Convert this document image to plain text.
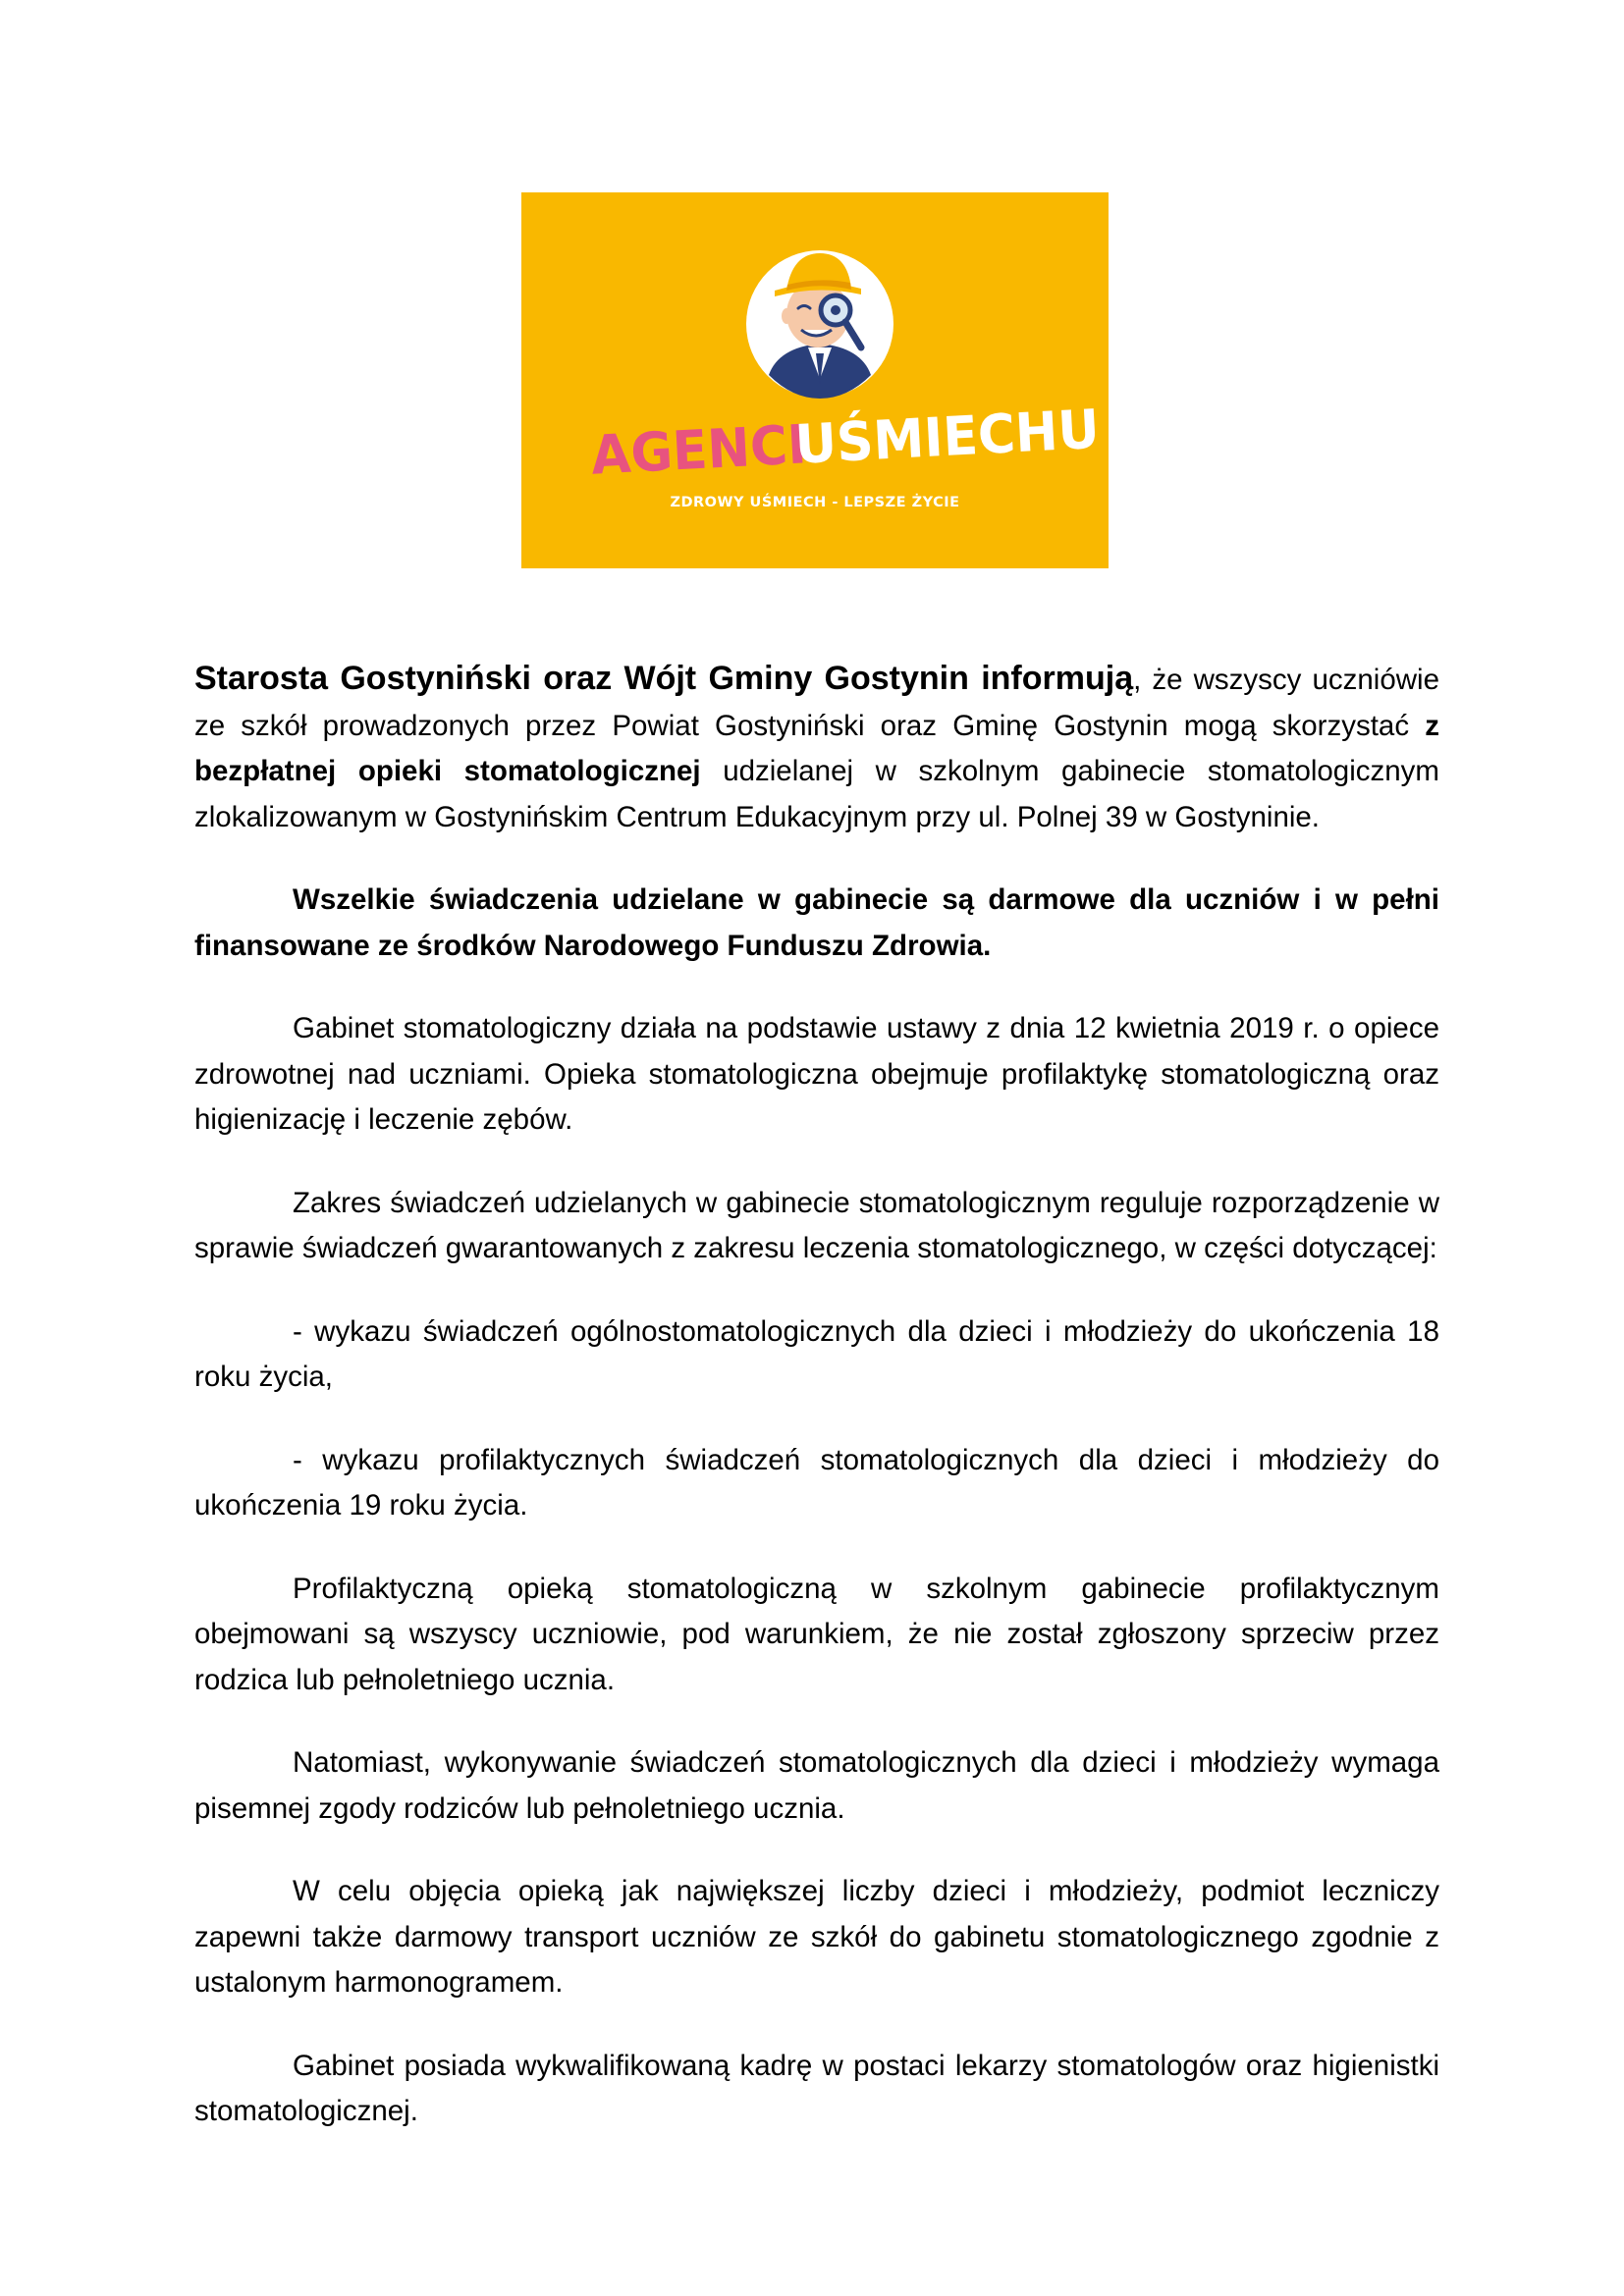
AGENCI
UŚMIECHU
ZDROWY UŚMIECH - LEPSZE ŻYCIE

Starosta Gostyniński oraz Wójt Gminy Gostynin informują, że wszyscy uczniówie ze szkół prowadzonych przez Powiat Gostyniński oraz Gminę Gostynin mogą skorzystać z bezpłatnej opieki stomatologicznej udzielanej w szkolnym gabinecie stomatologicznym zlokalizowanym w Gostynińskim Centrum Edukacyjnym przy ul. Polnej 39 w Gostyninie.

Wszelkie świadczenia udzielane w gabinecie są darmowe dla uczniów i w pełni finansowane ze środków Narodowego Funduszu Zdrowia.

Gabinet stomatologiczny działa na podstawie ustawy z dnia 12 kwietnia 2019 r. o opiece zdrowotnej nad uczniami. Opieka stomatologiczna obejmuje profilaktykę stomatologiczną oraz higienizację i leczenie zębów.

Zakres świadczeń udzielanych w gabinecie stomatologicznym reguluje rozporządzenie w sprawie świadczeń gwarantowanych z zakresu leczenia stomatologicznego, w części dotyczącej:

- wykazu świadczeń ogólnostomatologicznych dla dzieci i młodzieży do ukończenia 18 roku życia,

- wykazu profilaktycznych świadczeń stomatologicznych dla dzieci i młodzieży do ukończenia 19 roku życia.

Profilaktyczną opieką stomatologiczną w szkolnym gabinecie profilaktycznym obejmowani są wszyscy uczniowie, pod warunkiem, że nie został zgłoszony sprzeciw przez rodzica lub pełnoletniego ucznia.

Natomiast, wykonywanie świadczeń stomatologicznych dla dzieci i młodzieży wymaga pisemnej zgody rodziców lub pełnoletniego ucznia.

W celu objęcia opieką jak największej liczby dzieci i młodzieży, podmiot leczniczy zapewni także darmowy transport uczniów ze szkół do gabinetu stomatologicznego zgodnie z ustalonym harmonogramem.

Gabinet posiada wykwalifikowaną kadrę w postaci lekarzy stomatologów oraz higienistki stomatologicznej.
